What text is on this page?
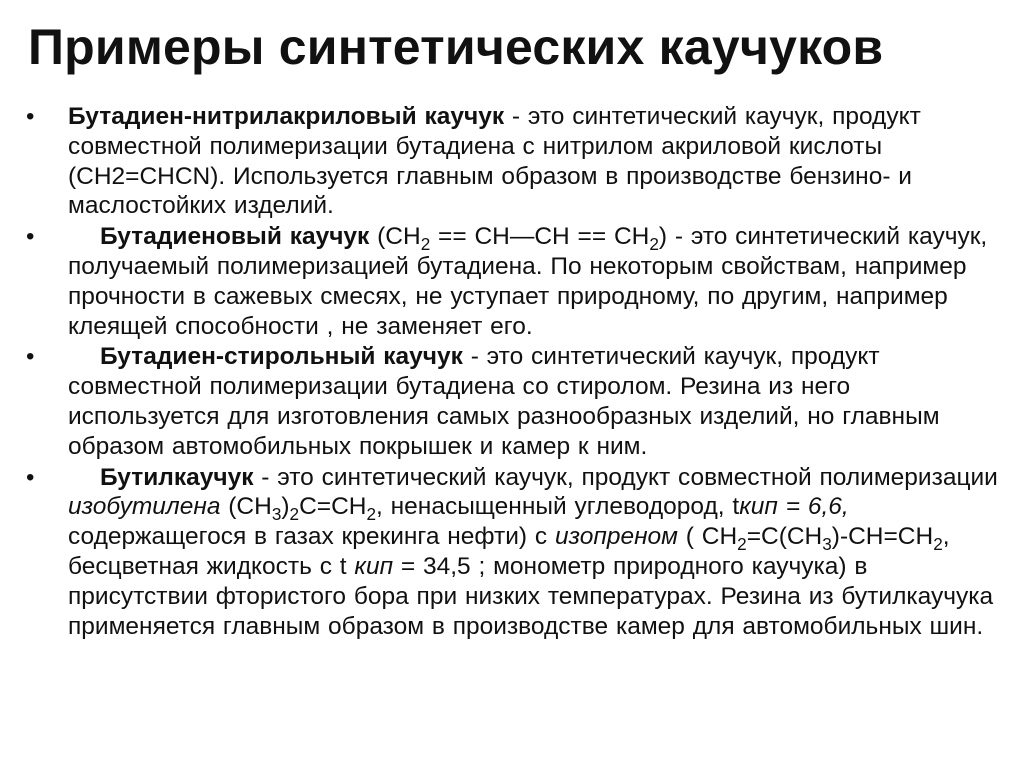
Примеры синтетических каучуков
• Бутадиен-нитрилакриловый каучук - это синтетический каучук, продукт совместной полимеризации бутадиена с нитрилом акриловой кислоты (CH2=CHCN). Используется главным образом в производстве бензино- и маслостойких изделий.
•	Бутадиеновый каучук ($CH_2$ == CH—CH == $CH_2$) - это синтетический каучук, получаемый полимеризацией бутадиена. По некоторым свойствам, например прочности в сажевых смесях, не уступает природному, по другим, например клеящей способности , не заменяет его.
•	Бутадиен-стирольный каучук - это синтетический каучук, продукт совместной полимеризации бутадиена со стиролом. Резина из него используется для изготовления самых разнообразных изделий, но главным образом автомобильных покрышек и камер к ним.
•	Бутилкаучук - это синтетический каучук, продукт совместной полимеризации изобутилена $(CH_3)_2C=CH_2$, ненасыщенный углеводород, tкип = 6,6, содержащегося в газах крекинга нефти) с изопреном ( $CH_2=C(CH_3)-CH=CH_2$, бесцветная жидкость с t кип = 34,5 ; монометр природного каучука) в присутствии фтористого бора при низких температурах. Резина из бутилкаучука применяется главным образом в производстве камер для автомобильных шин.
